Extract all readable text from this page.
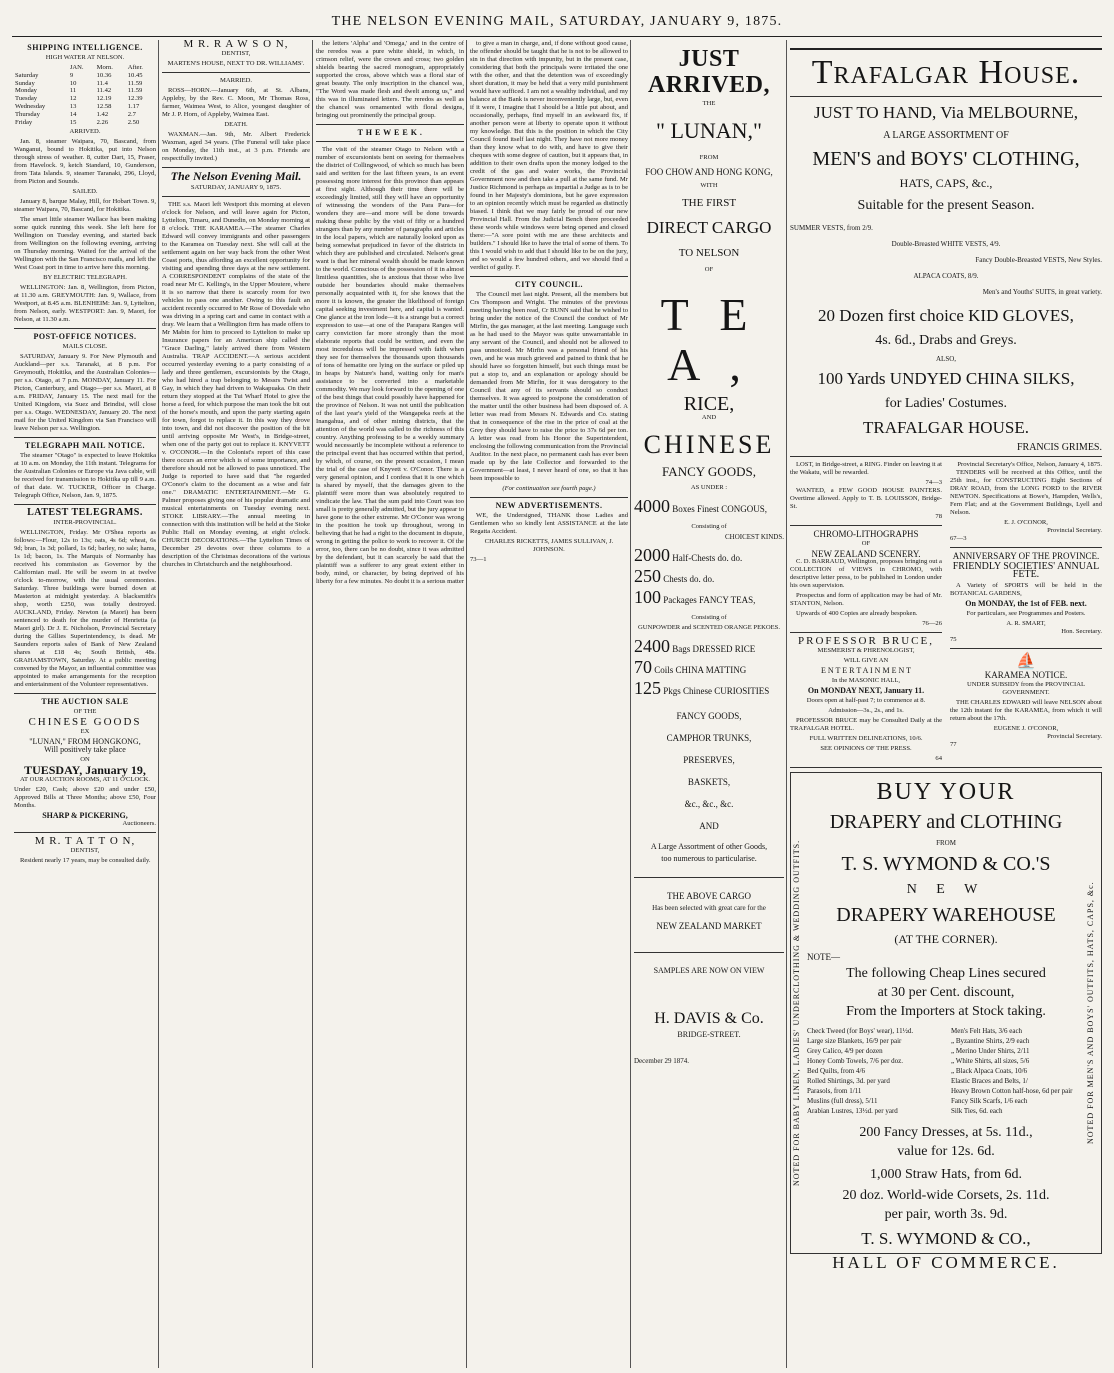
THE NELSON EVENING MAIL, SATURDAY, JANUARY 9, 1875.
SHIPPING INTELLIGENCE.
HIGH WATER AT NELSON.
	JAN.	Morn.	After.
Saturday	9	10.36	10.45
Sunday	10	11.4	11.59
Monday	11	11.42	11.59
Tuesday	12	12.19	12.39
Wednesday	13	12.58	1.17
Thursday	14	1.42	2.7
Friday	15	2.26	2.50
ARRIVED.
Jan. 8, steamer Waipara, 70, Bascand, from Wanganui, bound to Hokitika, put into Nelson through stress of weather. 8, cutter Dart, 15, Fraser, from Havelock. 9, ketch Standard, 10, Gunderson, from Tata Islands. 9, steamer Taranaki, 296, Lloyd, from Picton and Sounds.
SAILED.
January 8, barque Malay, Hill, for Hobart Town. 9, steamer Waipara, 70, Bascand, for Hokitika.
The smart little steamer Wallace has been making some quick running this week. She left here for Wellington on Tuesday evening, and started back from Wellington on the following evening, arriving on Thursday morning. Waited for the arrival of the Wellington with the San Francisco mails, and left the West Coast port in time to arrive here this morning.
BY ELECTRIC TELEGRAPH.
WELLINGTON: Jan. 8, Wellington, from Picton, at 11.30 a.m. GREYMOUTH: Jan. 9, Wallace, from Westport, at 8.45 a.m. BLENHEIM: Jan. 9, Lyttelton, from Nelson, early. WESTPORT: Jan. 9, Maori, for Nelson, at 11.30 a.m.
POST-OFFICE NOTICES.
MAILS CLOSE.
SATURDAY, January 9. For New Plymouth and Auckland—per s.s. Taranaki, at 8 p.m. For Greymouth, Hokitika, and the Australian Colonies—per s.s. Otago, at 7 p.m. MONDAY, January 11. For Picton, Canterbury, and Otago—per s.s. Maori, at 8 a.m. FRIDAY, January 15. The next mail for the United Kingdom, via Suez and Brindisi, will close per s.s. Otago. WEDNESDAY, January 20. The next mail for the United Kingdom via San Francisco will leave Nelson per s.s. Wellington.
TELEGRAPH MAIL NOTICE.
The steamer "Otago" is expected to leave Hokitika at 10 a.m. on Monday, the 11th instant. Telegrams for the Australian Colonies or Europe via Java cable, will be received for transmission to Hokitika up till 9 a.m. of that date. W. TUCKER, Officer in Charge. Telegraph Office, Nelson, Jan. 9, 1875.
LATEST TELEGRAMS.
INTER-PROVINCIAL.
WELLINGTON, Friday. Mr O'Shea reports as follows:—Flour, 12s to 13s; oats, 4s 6d; wheat, 6s 9d; bran, 1s 3d; pollard, 1s 6d; barley, no sale; hams, 1s 1d; bacon, 1s. The Marquis of Normanby has received his commission as Governor by the Californian mail. He will be sworn in at twelve o'clock to-morrow, with the usual ceremonies. Saturday. Three buildings were burned down at Masterton at midnight yesterday. A blacksmith's shop, worth £250, was totally destroyed. AUCKLAND, Friday. Newton (a Maori) has been sentenced to death for the murder of Henrietta (a Maori girl). Dr J. E. Nicholson, Provincial Secretary during the Gillies Superintendency, is dead. Mr Saunders reports sales of Bank of New Zealand shares at £18 4s; South British, 48s. GRAHAMSTOWN, Saturday. At a public meeting convened by the Mayor, an influential committee was appointed to make arrangements for the reception and entertainment of the Volunteer representatives.
THE AUCTION SALE
OF THE
CHINESE GOODS
EX
"LUNAN," FROM HONGKONG,
Will positively take place
ON
TUESDAY, January 19,
AT OUR AUCTION ROOMS, AT 11 O'CLOCK.
Under £20, Cash; above £20 and under £50, Approved Bills at Three Months; above £50, Four Months.
SHARP & PICKERING,
Auctioneers.
M R. T A T T O N,
DENTIST,
Resident nearly 17 years, may be consulted daily.
M R. R A W S O N,
DENTIST,
MARTEN'S HOUSE, NEXT TO DR. WILLIAMS'.
MARRIED.
ROSS—HORN.—January 6th, at St. Albans, Appleby, by the Rev. C. Moon, Mr Thomas Ross, farmer, Waimea West, to Alice, youngest daughter of Mr J. P. Horn, of Appleby, Waimea East.
DEATH.
WAXMAN.—Jan. 9th, Mr. Albert Frederick Waxman, aged 34 years. (The Funeral will take place on Monday, the 11th inst., at 3 p.m. Friends are respectfully invited.)
The Nelson Evening Mail.
SATURDAY, JANUARY 9, 1875.
THE s.s. Maori left Westport this morning at eleven o'clock for Nelson, and will leave again for Picton, Lyttelton, Timaru, and Dunedin, on Monday morning at 8 o'clock. THE KARAMEA.—The steamer Charles Edward will convey immigrants and other passengers to the Karamea on Tuesday next. She will call at the settlement again on her way back from the other West Coast ports, thus affording an excellent opportunity for visiting and spending three days at the new settlement. A CORRESPONDENT complains of the state of the road near Mr C. Kelling's, in the Upper Moutere, where it is so narrow that there is scarcely room for two vehicles to pass one another. Owing to this fault an accident recently occurred to Mr Rose of Dovedale who was driving in a spring cart and came in contact with a dray. We learn that a Wellington firm has made offers to Mr Mabin for him to proceed to Lyttelton to make up Insurance papers for an American ship called the "Grace Darling," lately arrived there from Western Australia. TRAP ACCIDENT.—A serious accident occurred yesterday evening to a party consisting of a lady and three gentlemen, excursionists by the Otago, who had hired a trap belonging to Messrs Twist and Gay, in which they had driven to Wakapuaka. On their return they stopped at the Tui Wharf Hotel to give the horse a feed, for which purpose the man took the bit out of the horse's mouth, and upon the party starting again for town, forgot to replace it. In this way they drove into town, and did not discover the position of the bit until arriving opposite Mr West's, in Bridge-street, when one of the party got out to replace it. KNYVETT v. O'CONOR.—In the Colonist's report of this case there occurs an error which is of some importance, and therefore should not be allowed to pass unnoticed. The Judge is reported to have said that "he regarded O'Conor's claim to the document as a wise and fair one." DRAMATIC ENTERTAINMENT.—Mr G. Palmer proposes giving one of his popular dramatic and musical entertainments on Tuesday evening next. STOKE LIBRARY.—The annual meeting in connection with this institution will be held at the Stoke Public Hall on Monday evening, at eight o'clock. CHURCH DECORATIONS.—The Lyttelton Times of December 29 devotes over three columns to a description of the Christmas decorations of the various churches in Christchurch and the neighbourhood.
the letters 'Alpha' and 'Omega,' and in the centre of the reredos was a pure white shield, in which, in crimson relief, were the crown and cross; two golden shields bearing the sacred monogram, appropriately supported the cross, above which was a floral star of great beauty. The only inscription in the chancel was, "The Word was made flesh and dwelt among us," and this was in illuminated letters. The reredos as well as the chancel was ornamented with floral designs, bringing out prominently the principal group.
T H E W E E K .
The visit of the steamer Otago to Nelson with a number of excursionists bent on seeing for themselves the district of Collingwood, of which so much has been said and written for the last fifteen years, is an event possessing more interest for this province than appears at first sight. Although their time there will be exceedingly limited, still they will have an opportunity of witnessing the wonders of the Para Para—for wonders they are—and more will be done towards making these public by the visit of fifty or a hundred strangers than by any number of paragraphs and articles in the local papers, which are naturally looked upon as being somewhat prejudiced in favor of the districts in which they are published and circulated. Nelson's great want is that her mineral wealth should be made known to the world. Conscious of the possession of it in almost limitless quantities, she is anxious that those who live outside her boundaries should make themselves personally acquainted with it, for she knows that the more it is known, the greater the likelihood of foreign capital seeking investment here, and capital is wanted. One glance at the iron lode—it is a strange but a correct expression to use—at one of the Parapara Ranges will carry conviction far more strongly than the most elaborate reports that could be written, and even the most incredulous will be impressed with faith when they see for themselves the thousands upon thousands of tons of hematite ore lying on the surface or piled up in heaps by Nature's hand, waiting only for man's assistance to be converted into a marketable commodity. We may look forward to the opening of one of the best things that could possibly have happened for the province of Nelson. It was not until the publication of the last year's yield of the Wangapeka reefs at the Inangahua, and of other mining districts, that the attention of the world was called to the richness of this country. Anything professing to be a weekly summary would necessarily be incomplete without a reference to the principal event that has occurred within that period, by which, of course, on the present occasion, I mean the trial of the case of Knyvett v. O'Conor. There is a very general opinion, and I confess that it is one which is shared by myself, that the damages given to the plaintiff were more than was absolutely required to vindicate the law. That the sum paid into Court was too small is pretty generally admitted, but the jury appear to have gone to the other extreme. Mr O'Conor was wrong in the position he took up throughout, wrong in believing that he had a right to the document in dispute, wrong in getting the police to work to recover it. Of the error, too, there can be no doubt, since it was admitted by the defendant, but it can scarcely be said that the plaintiff was a sufferer to any great extent either in body, mind, or character, by being deprived of his liberty for a few minutes. No doubt it is a serious matter
to give a man in charge, and, if done without good cause, the offender should be taught that he is not to be allowed to sin in that direction with impunity, but in the present case, considering that both the principals were irritated the one with the other, and that the detention was of exceedingly short duration, it may be held that a very mild punishment would have sufficed. I am not a wealthy individual, and my balance at the Bank is never inconveniently large, but, even if it were, I imagine that I should be a little put about, and occasionally, perhaps, find myself in an awkward fix, if another person were at liberty to operate upon it without my knowledge. But this is the position in which the City Council found itself last night. They have not more money than they know what to do with, and have to give their cheques with some degree of caution, but it appears that, in addition to their own drafts upon the money lodged to the credit of the gas and water works, the Provincial Government now and then take a pull at the same fund. Mr Justice Richmond is perhaps as impartial a Judge as is to be found in her Majesty's dominions, but he gave expression to an opinion recently which must be regarded as distinctly biased. I think that we may fairly be proud of our new Provincial Hall. From the Judicial Bench there proceeded these words while windows were being opened and closed there:—"A sore point with me are these architects and builders." I should like to have the trial of some of them. To this I would wish to add that I should like to be on the jury, and so would a few hundred others, and we should find a verdict of guilty. F.
CITY COUNCIL.
The Council met last night. Present, all the members but Crs Thompson and Wright. The minutes of the previous meeting having been read, Cr BUNN said that he wished to bring under the notice of the Council the conduct of Mr Mirfin, the gas manager, at the last meeting. Language such as he had used to the Mayor was quite unwarrantable in any servant of the Council, and should not be allowed to pass unnoticed. Mr Mirfin was a personal friend of his own, and he was much grieved and pained to think that he should have so forgotten himself, but such things must be put a stop to, and an explanation or apology should be demanded from Mr Mirfin, for it was derogatory to the Council that any of its servants should so conduct themselves. It was agreed to postpone the consideration of the matter until the other business had been disposed of. A letter was read from Messrs N. Edwards and Co. stating that in consequence of the rise in the price of coal at the Grey they should have to raise the price to 37s 6d per ton. A letter was read from his Honor the Superintendent, enclosing the following communication from the Provincial Auditor. In the next place, no permanent cash has ever been made up by the late Collector and forwarded to the Government—at least, I never heard of one, so that it has been impossible to
(For continuation see fourth page.)
NEW ADVERTISEMENTS.
WE, the Undersigned, THANK those Ladies and Gentlemen who so kindly lent ASSISTANCE at the late Regatta Accident.
CHARLES RICKETTS, JAMES SULLIVAN, J. JOHNSON.
73—1
JUST ARRIVED,
THE
" LUNAN,"
FROM
FOO CHOW AND HONG KONG,
WITH
THE FIRST
DIRECT CARGO
TO NELSON
OF
T E A ,
RICE,
AND
CHINESE
FANCY GOODS,
AS UNDER :
4000 Boxes Finest CONGOUS,
Consisting of
CHOICEST KINDS.
2000 Half-Chests do. do.
250 Chests do. do.
100 Packages FANCY TEAS,
Consisting of
GUNPOWDER and SCENTED ORANGE PEKOES.
2400 Bags DRESSED RICE
70 Coils CHINA MATTING
125 Pkgs Chinese CURIOSITIES
FANCY GOODS,
CAMPHOR TRUNKS,
PRESERVES,
BASKETS,
&c., &c., &c.
AND
A Large Assortment of other Goods,
too numerous to particularise.
THE ABOVE CARGO
Has been selected with great care for the
NEW ZEALAND MARKET
SAMPLES ARE NOW ON VIEW
H. DAVIS & Co.
BRIDGE-STREET.
December 29 1874.
Trafalgar House.
JUST TO HAND, Via MELBOURNE,
A LARGE ASSORTMENT OF
MEN'S and BOYS' CLOTHING,
HATS, CAPS, &c.,
Suitable for the present Season.
SUMMER VESTS, from 2/9.
Double-Breasted WHITE VESTS, 4/9.
Fancy Double-Breasted VESTS, New Styles.
ALPACA COATS, 8/9.
Men's and Youths' SUITS, in great variety.
20 Dozen first choice KID GLOVES,
4s. 6d., Drabs and Greys.
ALSO,
100 Yards UNDYED CHINA SILKS,
for Ladies' Costumes.
TRAFALGAR HOUSE.
FRANCIS GRIMES.
LOST, in Bridge-street, a RING. Finder on leaving it at the Wakatu, will be rewarded.
74—3
WANTED, a FEW GOOD HOUSE PAINTERS. Overtime allowed. Apply to T. B. LOUISSON, Bridge-St.
78
CHROMO-LITHOGRAPHS
OF
NEW ZEALAND SCENERY.
C. D. BARRAUD, Wellington, proposes bringing out a COLLECTION of VIEWS in CHROMO, with descriptive letter press, to be published in London under his own supervision.
Prospectus and form of application may be had of Mr. STANTON, Nelson.
Upwards of 400 Copies are already bespoken.
76—26
PROFESSOR BRUCE,
MESMERIST & PHRENOLOGIST,
WILL GIVE AN
E N T E R T A I N M E N T
In the MASONIC HALL,
On MONDAY NEXT, January 11.
Doors open at half-past 7; to commence at 8.
Admission—3s., 2s., and 1s.
PROFESSOR BRUCE may be Consulted Daily at the TRAFALGAR HOTEL.
FULL WRITTEN DELINEATIONS, 10/6.
SEE OPINIONS OF THE PRESS.
64
Provincial Secretary's Office, Nelson, January 4, 1875.
TENDERS will be received at this Office, until the 25th inst., for CONSTRUCTING Eight Sections of DRAY ROAD, from the LONG FORD to the RIVER NEWTON. Specifications at Bowe's, Hampden, Wells's, Fern Flat; and at the Government Buildings, Lyell and Nelson.
E. J. O'CONOR,
Provincial Secretary.
67—3
ANNIVERSARY OF THE PROVINCE.
FRIENDLY SOCIETIES' ANNUAL FETE.
A Variety of SPORTS will be held in the BOTANICAL GARDENS,
On MONDAY, the 1st of FEB. next.
For particulars, see Programmes and Posters.
A. R. SMART,
Hon. Secretary.
75
⛵
KARAMEA NOTICE.
UNDER SUBSIDY from the PROVINCIAL GOVERNMENT.
THE CHARLES EDWARD will leave NELSON about the 12th instant for the KARAMEA, from which it will return about the 17th.
EUGENE J. O'CONOR,
Provincial Secretary.
77
NOTED FOR BABY LINEN, LADIES' UNDERCLOTHING & WEDDING OUTFITS.	NOTED FOR MEN'S AND BOYS' OUTFITS, HATS, CAPS, &c.
BUY YOUR
DRAPERY and CLOTHING
FROM
T. S. WYMOND & CO.'S
N E W
DRAPERY WAREHOUSE
(AT THE CORNER).
NOTE—
The following Cheap Lines secured
at 30 per Cent. discount,
From the Importers at Stock taking.
Check Tweed (for Boys' wear), 11½d.
Large size Blankets, 16/9 per pair
Grey Calico, 4/9 per dozen
Honey Comb Towels, 7/6 per doz.
Bed Quilts, from 4/6
Rolled Shirtings, 3d. per yard
Parasols, from 1/11
Muslins (full dress), 5/11
Arabian Lustres, 13½d. per yard
Men's Felt Hats, 3/6 each
„ Byzantine Shirts, 2/9 each
„ Merino Under Shirts, 2/11
„ White Shirts, all sizes, 5/6
„ Black Alpaca Coats, 10/6
Elastic Braces and Belts, 1/
Heavy Brown Cotton half-hose, 6d per pair
Fancy Silk Scarfs, 1/6 each
Silk Ties, 6d. each
200 Fancy Dresses, at 5s. 11d.,
value for 12s. 6d.
1,000 Straw Hats, from 6d.
20 doz. World-wide Corsets, 2s. 11d.
per pair, worth 3s. 9d.
T. S. WYMOND & CO.,
HALL OF COMMERCE.
